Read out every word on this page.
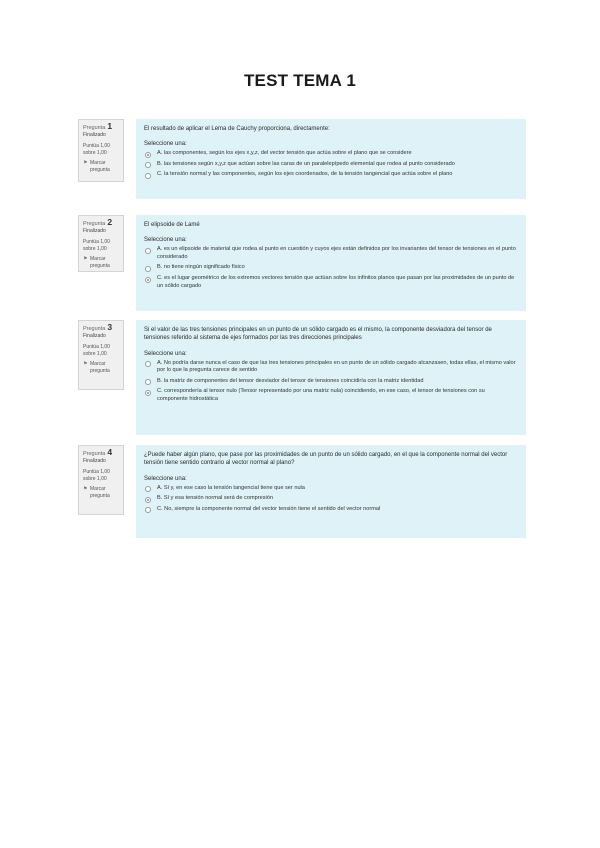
TEST TEMA 1
Pregunta 1
Finalizado
Puntúa 1,00 sobre 1,00
⚑ Marcar pregunta
El resultado de aplicar el Lema de Cauchy proporciona, directamente:
Seleccione una:
A. las componentes, según los ejes x,y,z, del vector tensión que actúa sobre el plano que se considere
B. las tensiones según x,y,z que actúan sobre las caras de un paralelepípedo elemental que rodea al punto considerado
C. la tensión normal y las componentes, según los ejes coordenados, de la tensión tangencial que actúa sobre el plano
Pregunta 2
Finalizado
Puntúa 1,00 sobre 1,00
⚑ Marcar pregunta
El elipsoide de Lamé
Seleccione una:
A. es un elipsoide de material que rodea al punto en cuestión y cuyos ejes están definidos por los invariantes del tensor de tensiones en el punto considerado
B. no tiene ningún significado físico
C. es el lugar geométrico de los extremos vectores tensión que actúan sobre los infinitos planos que pasan por las proximidades de un punto de un sólido cargado
Pregunta 3
Finalizado
Puntúa 1,00 sobre 1,00
⚑ Marcar pregunta
Si el valor de las tres tensiones principales en un punto de un sólido cargado es el mismo, la componente desviadora del tensor de tensiones referido al sistema de ejes formados por las tres direcciones principales
Seleccione una:
A. No podría darse nunca el caso de que las tres tensiones principales en un punto de un sólido cargado alcanzasen, todas ellas, el mismo valor por lo que la pregunta carece de sentido
B. la matriz de componentes del tensor desviador del tensor de tensiones coincidiría con la matriz identidad
C. correspondería al tensor nulo (Tensor representado por una matriz nula) coincidiendo, en ese caso, el tensor de tensiones con su componente hidrostática
Pregunta 4
Finalizado
Puntúa 1,00 sobre 1,00
⚑ Marcar pregunta
¿Puede haber algún plano, que pase por las proximidades de un punto de un sólido cargado, en el que la componente normal del vector tensión tiene sentido contrario al vector normal al plano?
Seleccione una:
A. Sí y, en ese caso la tensión tangencial tiene que ser nula
B. Sí y esa tensión normal será de compresión
C. No, siempre la componente normal del vector tensión tiene el sentido del vector normal
